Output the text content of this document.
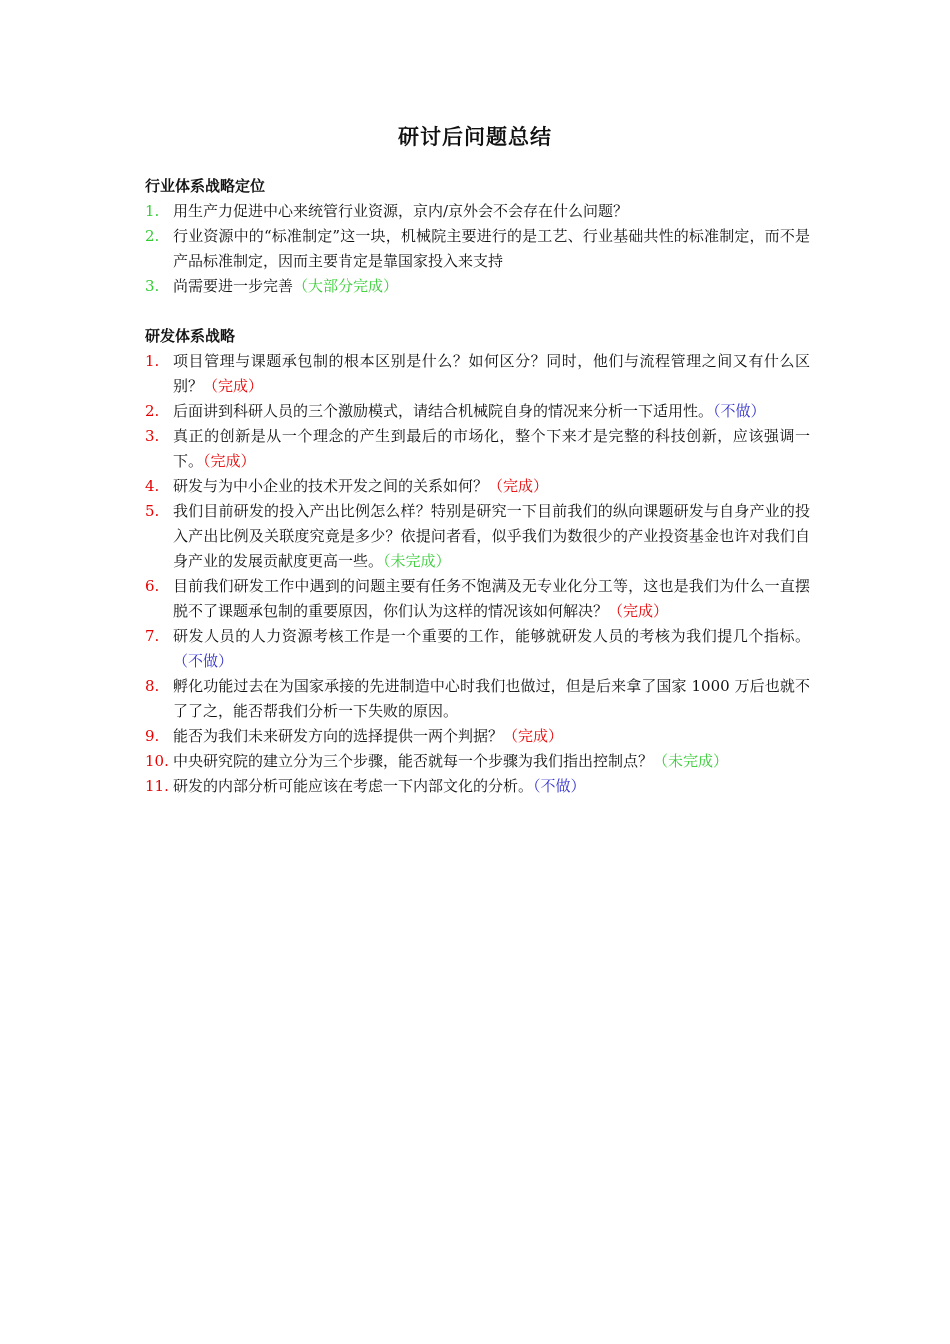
研讨后问题总结

行业体系战略定位

1. 用生产力促进中心来统管行业资源，京内/京外会不会存在什么问题？
2. 行业资源中的“标准制定”这一块，机械院主要进行的是工艺、行业基础共性的标准制定，而不是产品标准制定，因而主要肯定是靠国家投入来支持
3. 尚需要进一步完善（大部分完成）

研发体系战略

1. 项目管理与课题承包制的根本区别是什么？如何区分？同时，他们与流程管理之间又有什么区别？（完成）
2. 后面讲到科研人员的三个激励模式，请结合机械院自身的情况来分析一下适用性。（不做）
3. 真正的创新是从一个理念的产生到最后的市场化，整个下来才是完整的科技创新，应该强调一下。（完成）
4. 研发与为中小企业的技术开发之间的关系如何？（完成）
5. 我们目前研发的投入产出比例怎么样？特别是研究一下目前我们的纵向课题研发与自身产业的投入产出比例及关联度究竟是多少？依提问者看，似乎我们为数很少的产业投资基金也许对我们自身产业的发展贡献度更高一些。（未完成）
6. 目前我们研发工作中遇到的问题主要有任务不饱满及无专业化分工等，这也是我们为什么一直摆脱不了课题承包制的重要原因，你们认为这样的情况该如何解决？（完成）
7. 研发人员的人力资源考核工作是一个重要的工作，能够就研发人员的考核为我们提几个指标。（不做）
8. 孵化功能过去在为国家承接的先进制造中心时我们也做过，但是后来拿了国家 1000 万后也就不了了之，能否帮我们分析一下失败的原因。
9. 能否为我们未来研发方向的选择提供一两个判据？（完成）
10. 中央研究院的建立分为三个步骤，能否就每一个步骤为我们指出控制点？（未完成）
11. 研发的内部分析可能应该在考虑一下内部文化的分析。（不做）
